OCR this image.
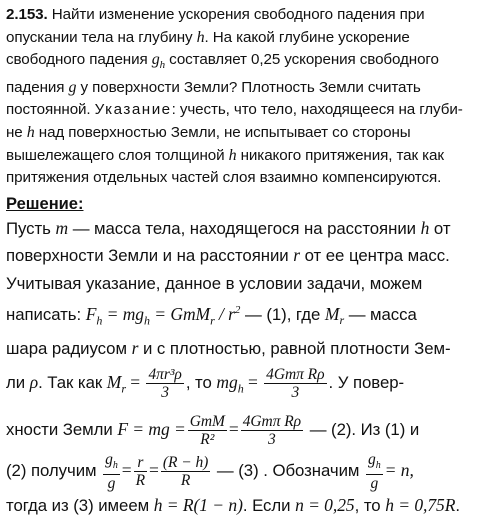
2.153. Найти изменение ускорения свободного падения при
опускании тела на глубину h. На какой глубине ускорение
свободного падения $g_h$ составляет 0,25 ускорения свободного
падения g у поверхности Земли? Плотность Земли считать
постоянной. Указание: учесть, что тело, находящееся на глуби-
не h над поверхностью Земли, не испытывает со стороны
вышележащего слоя толщиной h никакого притяжения, так как
притяжения отдельных частей слоя взаимно компенсируются.
Решение:
Пусть m — масса тела, находящегося на расстоянии h от
поверхности Земли и на расстоянии r от ее центра масс.
Учитывая указание, данное в условии задачи, можем
написать: $F_h = mg_h = GmM_r / r^2$ — (1), где $M_r$ — масса
шара радиусом r и с плотностью, равной плотности Зем-
ли ρ. Так как $M_r = \frac{\text{4πr³ρ}}{3}$ , то $mg_h = \frac{\text{4Gmπ Rρ}}{3}$ . У повер-
хности Земли F = mg = $\frac{\text{GmM}}{\text{R²}} = \frac{\text{4Gmπ Rρ}}{3}$ — (2). Из (1) и
(2) получим $\frac{g_h}{g} = \frac{r}{R} = \frac{(R - h)}{R}$ — (3) . Обозначим $\frac{g_h}{g} = n$,
тогда из (3) имеем h = R(1 − n). Если n = 0,25, то h = 0,75R.
